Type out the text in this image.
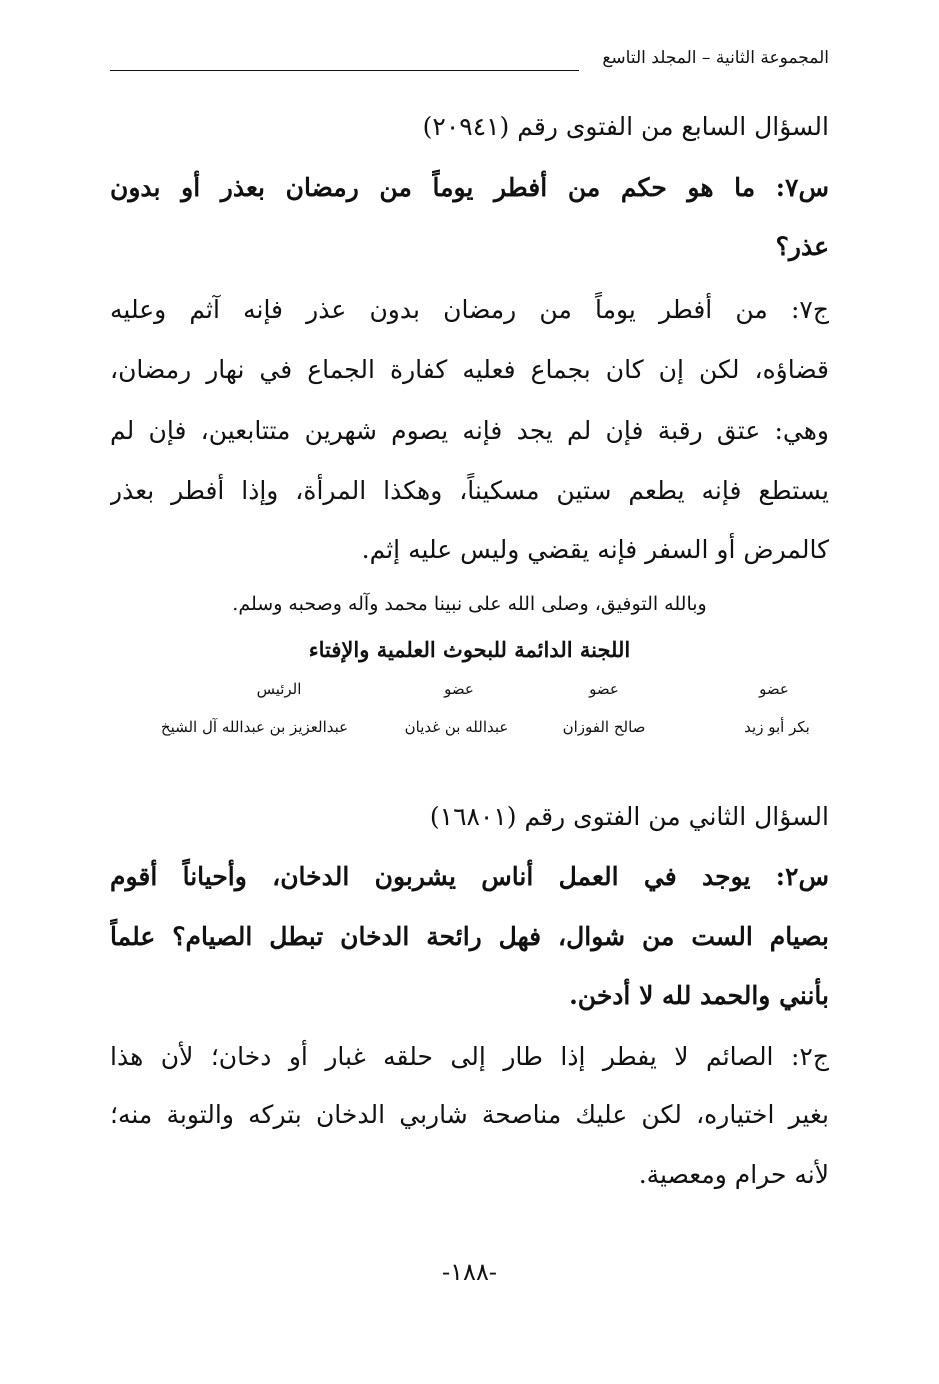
المجموعة الثانية – المجلد التاسع
السؤال السابع من الفتوى رقم (٢٠٩٤١)
س٧: ما هو حكم من أفطر يوماً من رمضان بعذر أو بدون
عذر؟
ج٧: من أفطر يوماً من رمضان بدون عذر فإنه آثم وعليه
قضاؤه، لكن إن كان بجماع فعليه كفارة الجماع في نهار رمضان،
وهي: عتق رقبة فإن لم يجد فإنه يصوم شهرين متتابعين، فإن لم
يستطع فإنه يطعم ستين مسكيناً، وهكذا المرأة، وإذا أفطر بعذر
كالمرض أو السفر فإنه يقضي وليس عليه إثم.
وبالله التوفيق، وصلى الله على نبينا محمد وآله وصحبه وسلم.
اللجنة الدائمة للبحوث العلمية والإفتاء
عضو
بكر أبو زيد
عضو
صالح الفوزان
عضو
عبدالله بن غديان
الرئيس
عبدالعزيز بن عبدالله آل الشيخ
السؤال الثاني من الفتوى رقم (١٦٨٠١)
س٢: يوجد في العمل أناس يشربون الدخان، وأحياناً أقوم
بصيام الست من شوال، فهل رائحة الدخان تبطل الصيام؟ علماً
بأنني والحمد لله لا أدخن.
ج٢: الصائم لا يفطر إذا طار إلى حلقه غبار أو دخان؛ لأن هذا
بغير اختياره، لكن عليك مناصحة شاربي الدخان بتركه والتوبة منه؛
لأنه حرام ومعصية.
-١٨٨-
